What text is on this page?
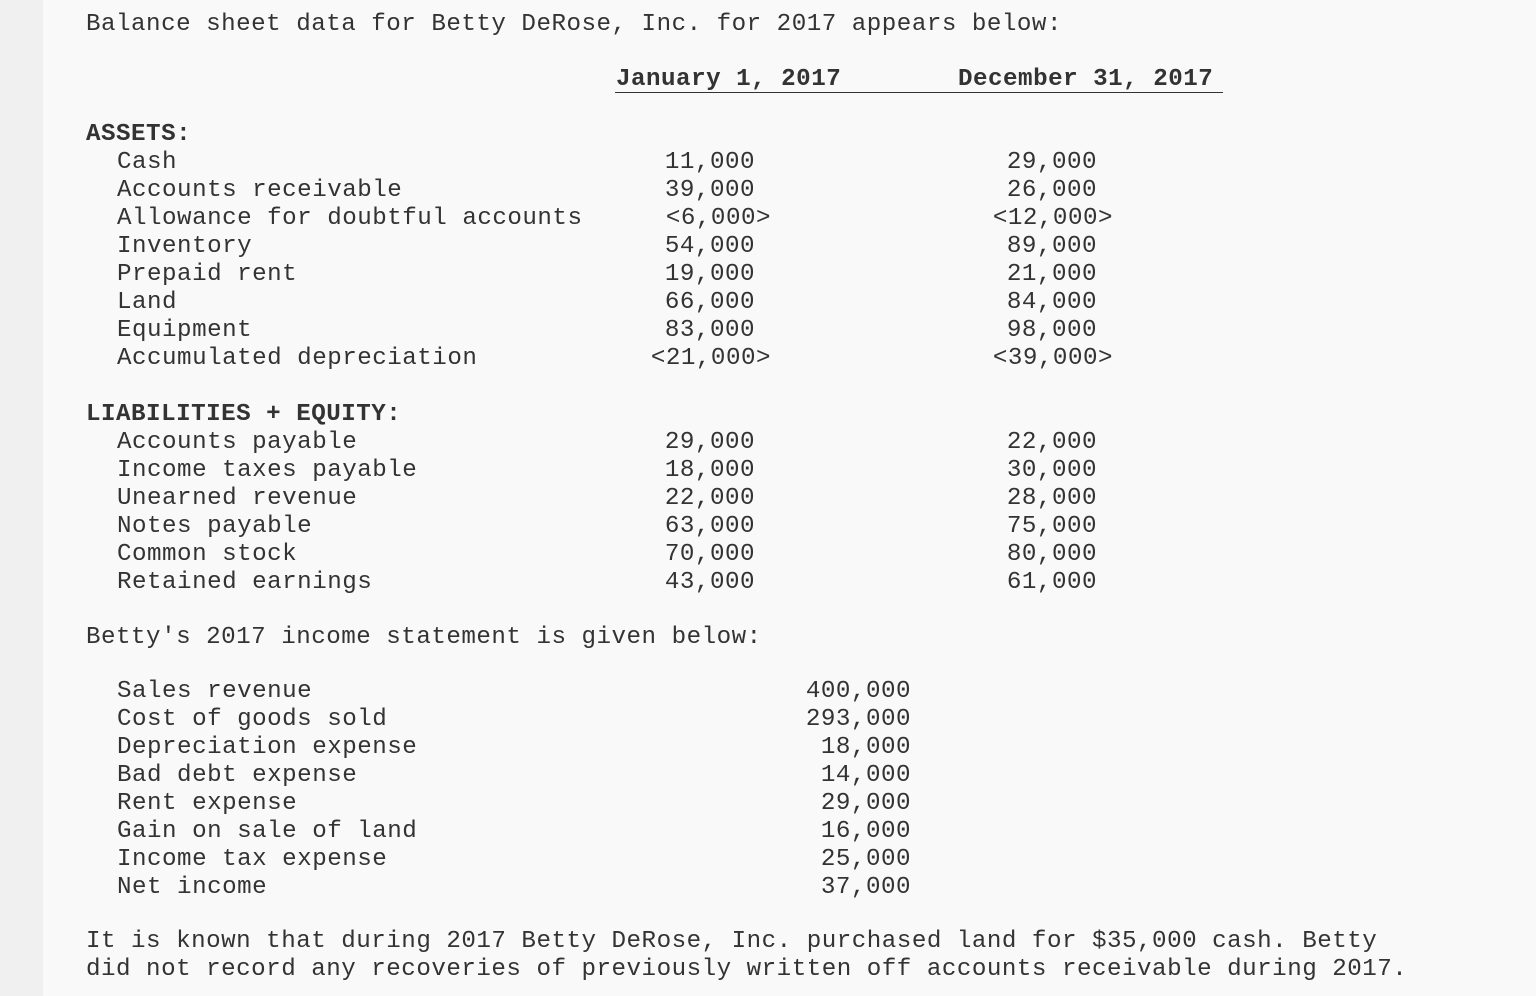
Balance sheet data for Betty DeRose, Inc. for 2017 appears below:
January 1, 2017	December 31, 2017
ASSETS:
Cash	11,000	29,000
Accounts receivable	39,000	26,000
Allowance for doubtful accounts	<6,000>	<12,000>
Inventory	54,000	89,000
Prepaid rent	19,000	21,000
Land	66,000	84,000
Equipment	83,000	98,000
Accumulated depreciation	<21,000>	<39,000>
LIABILITIES + EQUITY:
Accounts payable	29,000	22,000
Income taxes payable	18,000	30,000
Unearned revenue	22,000	28,000
Notes payable	63,000	75,000
Common stock	70,000	80,000
Retained earnings	43,000	61,000
Betty's 2017 income statement is given below:
Sales revenue	400,000
Cost of goods sold	293,000
Depreciation expense	18,000
Bad debt expense	14,000
Rent expense	29,000
Gain on sale of land	16,000
Income tax expense	25,000
Net income	37,000
It is known that during 2017 Betty DeRose, Inc. purchased land for $35,000 cash. Betty
did not record any recoveries of previously written off accounts receivable during 2017.
